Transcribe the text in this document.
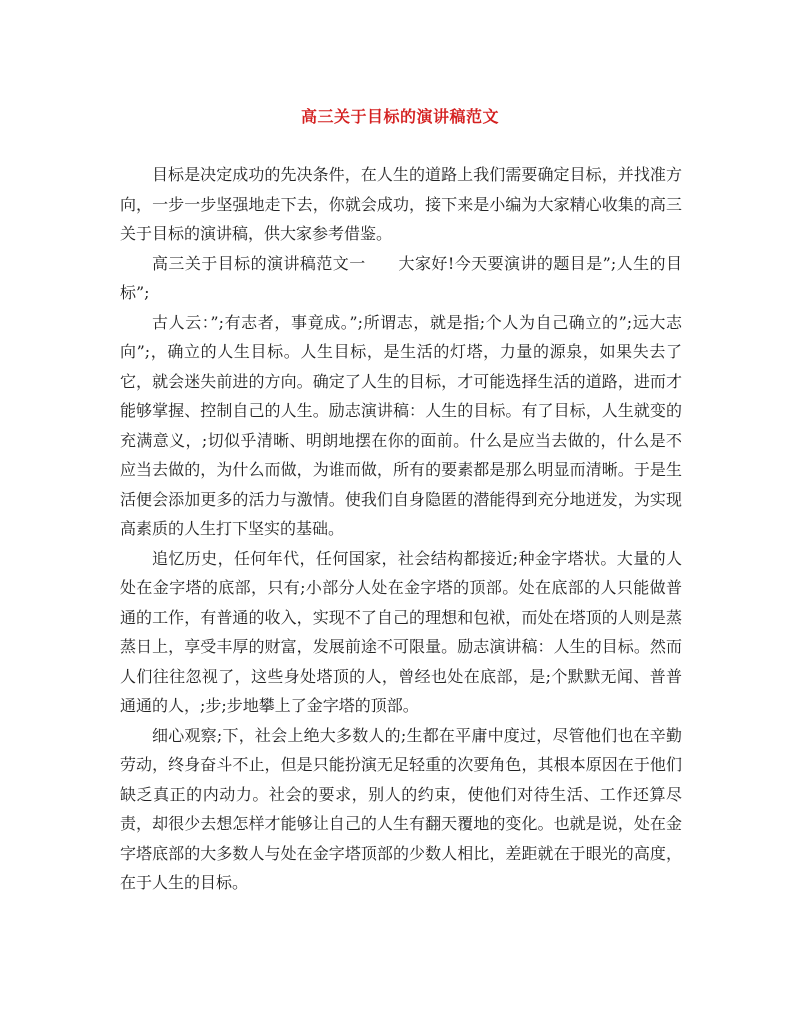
高三关于目标的演讲稿范文

目标是决定成功的先决条件，在人生的道路上我们需要确定目标，并找准方向，一步一步坚强地走下去，你就会成功，接下来是小编为大家精心收集的高三关于目标的演讲稿，供大家参考借鉴。

高三关于目标的演讲稿范文一　　大家好!今天要演讲的题目是”;人生的目标”;

古人云：”;有志者，事竟成。”;所谓志，就是指;个人为自己确立的”;远大志向”;，确立的人生目标。人生目标，是生活的灯塔，力量的源泉，如果失去了它，就会迷失前进的方向。确定了人生的目标，才可能选择生活的道路，进而才能够掌握、控制自己的人生。励志演讲稿：人生的目标。有了目标，人生就变的充满意义，;切似乎清晰、明朗地摆在你的面前。什么是应当去做的，什么是不应当去做的，为什么而做，为谁而做，所有的要素都是那么明显而清晰。于是生活便会添加更多的活力与激情。使我们自身隐匿的潜能得到充分地迸发，为实现高素质的人生打下坚实的基础。

追忆历史，任何年代，任何国家，社会结构都接近;种金字塔状。大量的人处在金字塔的底部，只有;小部分人处在金字塔的顶部。处在底部的人只能做普通的工作，有普通的收入，实现不了自己的理想和包袱，而处在塔顶的人则是蒸蒸日上，享受丰厚的财富，发展前途不可限量。励志演讲稿：人生的目标。然而人们往往忽视了，这些身处塔顶的人，曾经也处在底部，是;个默默无闻、普普通通的人，;步;步地攀上了金字塔的顶部。

细心观察;下，社会上绝大多数人的;生都在平庸中度过，尽管他们也在辛勤劳动，终身奋斗不止，但是只能扮演无足轻重的次要角色，其根本原因在于他们缺乏真正的内动力。社会的要求，别人的约束，使他们对待生活、工作还算尽责，却很少去想怎样才能够让自己的人生有翻天覆地的变化。也就是说，处在金字塔底部的大多数人与处在金字塔顶部的少数人相比，差距就在于眼光的高度，在于人生的目标。
